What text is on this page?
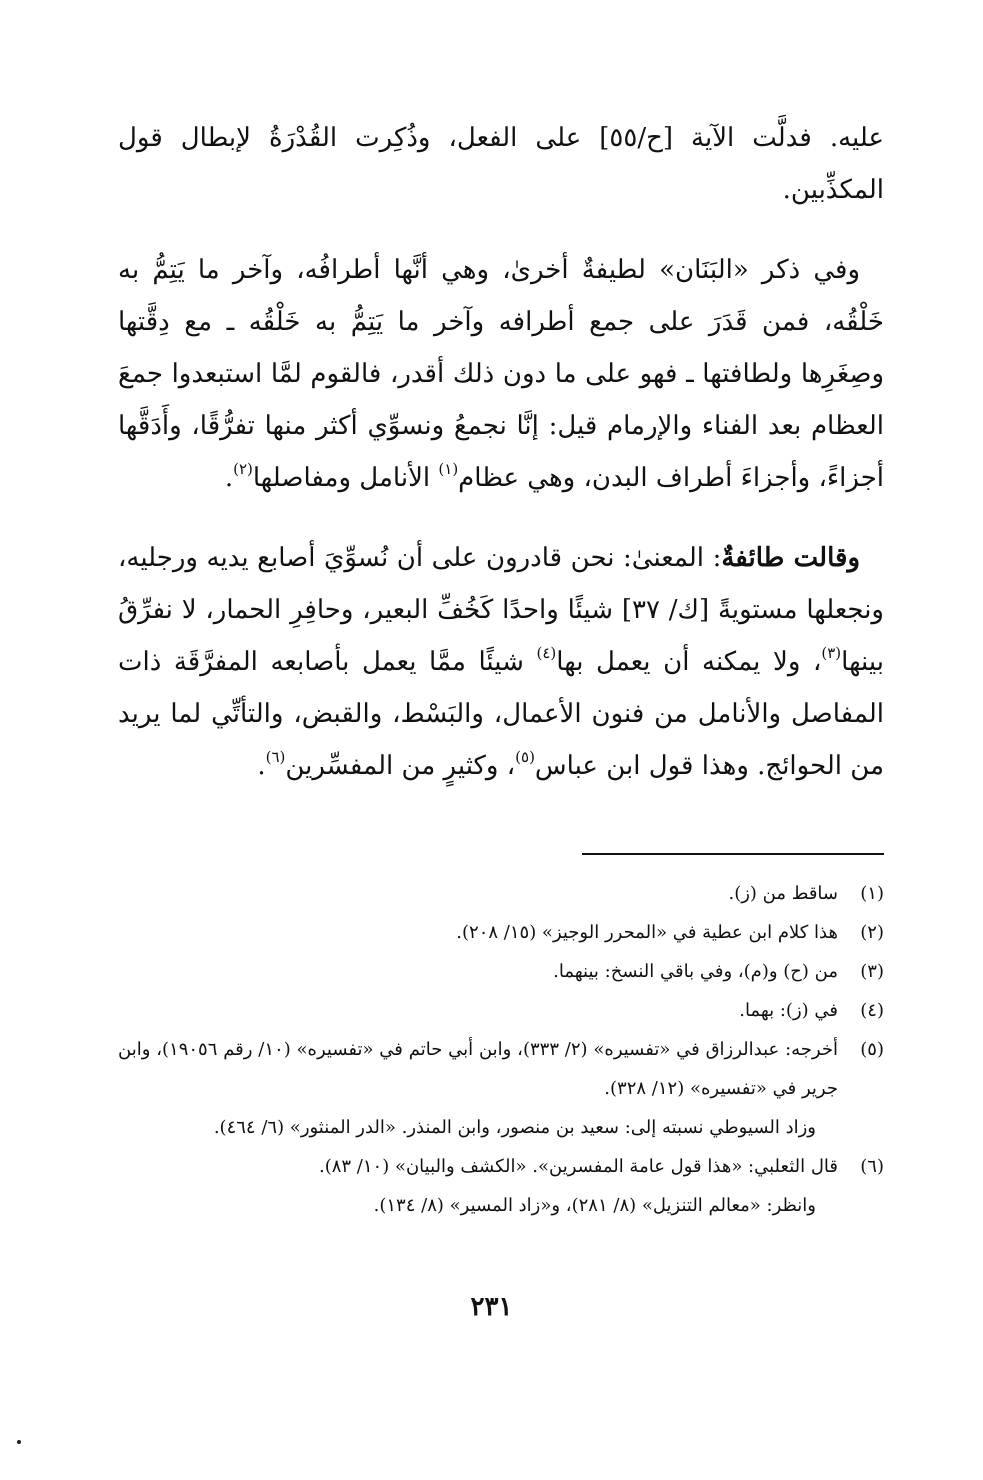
عليه. فدلَّت الآية [ح/٥٥] على الفعل، وذُكِرت القُدْرَةُ لإبطال قول المكذِّبين.

وفي ذكر «البَنَان» لطيفةٌ أخرىٰ، وهي أنَّها أطرافُه، وآخر ما يَتِمُّ به خَلْقُه، فمن قَدَرَ على جمع أطرافه وآخر ما يَتِمُّ به خَلْقُه ـ مع دِقَّتها وصِغَرِها ولطافتها ـ فهو على ما دون ذلك أقدر، فالقوم لمَّا استبعدوا جمعَ العظام بعد الفناء والإرمام قيل: إنَّا نجمعُ ونسوِّي أكثر منها تفرُّقًا، وأَدَقَّها أجزاءً، وأجزاءَ أطراف البدن، وهي عظام$^{(١)}$ الأنامل ومفاصلها$^{(٢)}$.

وقالت طائفةٌ: المعنىٰ: نحن قادرون على أن نُسوِّيَ أصابع يديه ورجليه، ونجعلها مستويةً [ك/ ٣٧] شيئًا واحدًا كَخُفِّ البعير، وحافِرِ الحمار، لا نفرِّقُ بينها$^{(٣)}$، ولا يمكنه أن يعمل بها$^{(٤)}$ شيئًا ممَّا يعمل بأصابعه المفرَّقَة ذات المفاصل والأنامل من فنون الأعمال، والبَسْط، والقبض، والتأتِّي لما يريد من الحوائج. وهذا قول ابن عباس$^{(٥)}$، وكثيرٍ من المفسِّرين$^{(٦)}$.

(١)
ساقط من (ز).
(٢)
هذا كلام ابن عطية في «المحرر الوجيز» (١٥/ ٢٠٨).
(٣)
من (ح) و(م)، وفي باقي النسخ: بينهما.
(٤)
في (ز): بهما.
(٥)
أخرجه: عبدالرزاق في «تفسيره» (٢/ ٣٣٣)، وابن أبي حاتم في «تفسيره» (١٠/ رقم ١٩٠٥٦)، وابن جرير في «تفسيره» (١٢/ ٣٢٨).
وزاد السيوطي نسبته إلى: سعيد بن منصور، وابن المنذر. «الدر المنثور» (٦/ ٤٦٤).
(٦)
قال الثعلبي: «هذا قول عامة المفسرين». «الكشف والبيان» (١٠/ ٨٣).
وانظر: «معالم التنزيل» (٨/ ٢٨١)، و«زاد المسير» (٨/ ١٣٤).
٢٣١
